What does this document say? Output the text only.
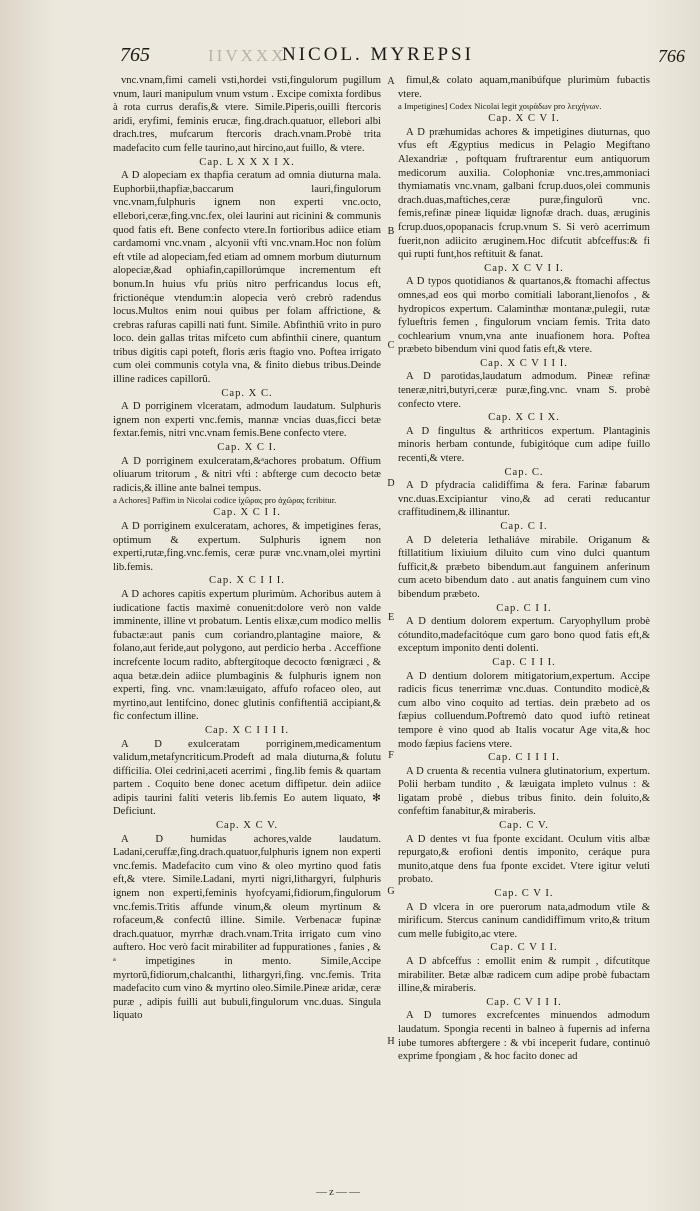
765	IIVXXX
NICOL. MYREPSI	766

vnc.vnam,fimi cameli vsti,hordei vsti,fingulorum pugillum vnum, lauri manipulum vnum vstum . Excipe comixta fordibus à rota currus derafis,& vtere. Simile.Piperis,ouilli ftercoris aridi, eryfimi, feminis erucæ, fing.drach.quatuor, ellebori albi drach.tres, mufcarum ftercoris drach.vnam.Probè trita madefacito cum felle taurino,aut hircino,aut fuillo, & vtere.

Cap. L X X X I X.

A D alopeciam ex thapfia ceratum ad omnia diuturna mala. Euphorbii,thapfiæ,baccarum lauri,fingulorum vnc.vnam,fulphuris ignem non experti vnc.octo, ellebori,ceræ,fing.vnc.fex, olei laurini aut ricinini & communis quod fatis eft. Bene confecto vtere.In fortioribus adiice etiam cardamomi vnc.vnam , alcyonii vfti vnc.vnam.Hoc non folùm eft vtile ad alopeciam,fed etiam ad omnem morbum diuturnum alopeciæ,&ad ophiafin,capillorúmque incrementum eft bonum.In huius vfu priùs nitro perfricandus locus eft, frictionéque vtendum:in alopecia verò crebrò radendus locus.Multos enim noui quibus per folam affrictione, & crebras rafuras capilli nati funt. Simile. Abfinthiũ vrito in puro loco. dein gallas tritas mifceto cum abfinthii cinere, quantum tribus digitis capi poteft, floris æris ftagio vno. Poftea irrigato cum olei communis cotyla vna, & finito diebus tribus.Deinde illine radices capillorũ.

Cap. X C.

A D porriginem vlceratam, admodum laudatum. Sulphuris ignem non experti vnc.femis, mannæ vncias duas,ficci betæ fextar.femis, nitri vnc.vnam femis.Bene confecto vtere.

Cap. X C I.

A D porriginem exulceratam,&ᵃachores probatum. Offium oliuarum tritorum , & nitri vfti : abfterge cum decocto betæ radicis,& illine ante balnei tempus.

a Achores] Paffim in Nicolai codice ἰχῶρας pro ἀχῶρας fcribitur.

Cap. X C I I.

A D porriginem exulceratam, achores, & impetigines feras, optimum & expertum. Sulphuris ignem non experti,rutæ,fing.vnc.femis, ceræ puræ vnc.vnam,olei myrtini lib.femis.

Cap. X C I I I.

A D achores capitis expertum plurimùm. Achoribus autem à iudicatione factis maximè conuenit:dolore verò non valde imminente, illine vt probatum. Lentis elixæ,cum modico mellis fubactæ:aut panis cum coriandro,plantagine maiore, & folano,aut feride,aut polygono, aut perdicio herba . Acceffione increfcente locum radito, abftergítoque decocto fœnigræci , & aqua betæ.dein adiice plumbaginis & fulphuris ignem non experti, fing. vnc. vnam:læuigato, affufo rofaceo oleo, aut myrtino,aut lentifcino, donec glutinis confiftentiā accipiant,& fic confectum illine.

Cap. X C I I I I.

A D exulceratam porriginem,medicamentum validum,metafyncriticum.Prodeft ad mala diuturna,& folutu difficilia. Olei cedrini,aceti acerrimi , fing.lib femis & quartam partem . Coquito bene donec acetum diffipetur. dein adiice adipis taurini falíti veteris lib.femis Eo autem liquato, ✻ Deficiunt.

Cap. X C V.

A D humidas achores,valde laudatum. Ladani,ceruffæ,fing.drach.quatuor,fulphuris ignem non experti vnc.femis. Madefacito cum vino & oleo myrtino quod fatis eft,& vtere. Simile.Ladani, myrti nigri,lithargyri, fulphuris ignem non experti,feminis hyofcyami,fidiorum,fingulorum vnc.femis.Tritis affunde vinum,& oleum myrtinum & rofaceum,& confectũ illine. Simile. Verbenacæ fupinæ drach.quatuor, myrrhæ drach.vnam.Trita irrigato cum vino auftero. Hoc verò facit mirabiliter ad fuppurationes , fanies , & ᵃ impetigines in mento. Simile,Accipe myrtorũ,fidiorum,chalcanthi, lithargyri,fing. vnc.femis. Trita madefacito cum vino & myrtino oleo.Simile.Pineæ aridæ, ceræ puræ , adipis fuilli aut bubuli,fingulorum vnc.duas. Singula liquato

fimul,& colato aquam,manibúfque plurimùm fubactis vtere.

a Impetigines] Codex Nicolai legit χοιράδων pro λειχήνων.

Cap. X C V I.

A D præhumidas achores & impetigines diuturnas, quo vfus eft Ægyptius medicus in Pelagio Megiftano Alexandriæ , poftquam fruftrarentur eum antiquorum medicorum auxilia. Colophoniæ vnc.tres,ammoniaci thymiamatis vnc.vnam, galbani fcrup.duos,olei communis drach.duas,maftiches,ceræ puræ,fingulorũ vnc. femis,refinæ pineæ liquidæ lignofæ drach. duas, æruginis fcrup.duos,opopanacis fcrup.vnum S. Si verò acerrimum fuerit,non adiicito æruginem.Hoc difcutit abfceffus:& fi qui rupti funt,hos reftituit & fanat.

Cap. X C V I I.

A D typos quotidianos & quartanos,& ftomachi affectus omnes,ad eos qui morbo comitiali laborant,lienofos , & hydropicos expertum. Calaminthæ montanæ,pulegii, rutæ fylueftris femen , fingulorum vnciam femis. Trita dato cochlearium vnum,vna ante inuafionem hora. Poftea præbeto bibendum vini quod fatis eft,& vtere.

Cap. X C V I I I.

A D parotidas,laudatum admodum. Pineæ refinæ teneræ,nitri,butyri,ceræ puræ,fing.vnc. vnam S. probè confecto vtere.

Cap. X C I X.

A D fingultus & arthriticos expertum. Plantaginis minoris herbam contunde, fubigitóque cum adipe fuillo recenti,& vtere.

Cap. C.

A D pfydracia calidiffima & fera. Farinæ fabarum vnc.duas.Excipiantur vino,& ad cerati reducantur craffitudinem,& illinantur.

Cap. C I.

A D deleteria lethaliáve mirabile. Origanum & ftillatitium lixiuium diluito cum vino dulci quantum fufficit,& præbeto bibendum.aut fanguinem anferinum cum aceto bibendum dato . aut anatis fanguinem cum vino bibendum præbeto.

Cap. C I I.

A D dentium dolorem expertum. Caryophyllum probè cótundito,madefacitóque cum garo bono quod fatis eft,& exceptum imponito denti dolenti.

Cap. C I I I.

A D dentium dolorem mitigatorium,expertum. Accipe radicis ficus tenerrimæ vnc.duas. Contundito modicè,& cum albo vino coquito ad tertias. dein præbeto ad os fæpius colluendum.Poftremò dato quod iuftò retineat tempore è vino quod ab Italis vocatur Age vita,& hoc modo fæpius faciens vtere.

Cap. C I I I I.

A D cruenta & recentia vulnera glutinatorium, expertum. Polii herbam tundito , & læuigata impleto vulnus : & ligatam probè , diebus tribus finito. dein foluito,& confeftim fanabitur,& miraberis.

Cap. C V.

A D dentes vt fua fponte excidant. Oculum vitis albæ repurgato,& erofioni dentis imponito, ceráque pura munito,atque dens fua fponte excidet. Vtere igitur veluti probato.

Cap. C V I.

A D vlcera in ore puerorum nata,admodum vtile & mirificum. Stercus caninum candidiffimum vrito,& tritum cum melle fubigito,ac vtere.

Cap. C V I I.

A D abfceffus : emollit enim & rumpit , difcutítque mirabiliter. Betæ albæ radicem cum adipe probè fubactam illine,& miraberis.

Cap. C V I I I.

A D tumores excrefcentes minuendos admodum laudatum. Spongia recenti in balneo à fupernis ad inferna iube tumores abftergere : & vbi inceperit fudare, continuò exprime fpongiam , & hoc facito donec ad

A
B
C
D
E
F
G
H
—z——
